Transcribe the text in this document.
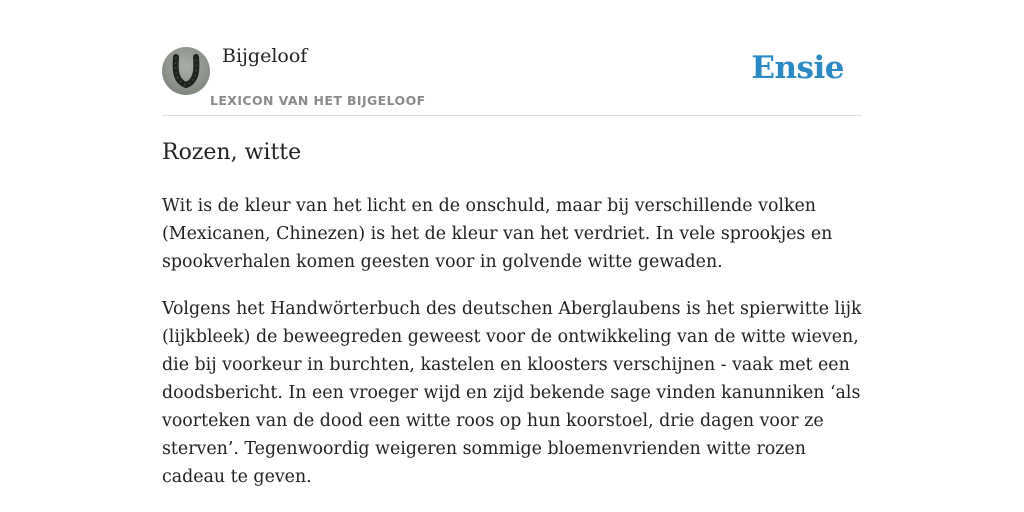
Bijgeloof
LEXICON VAN HET BIJGELOOF
Ensie
Rozen, witte

Wit is de kleur van het licht en de onschuld, maar bij verschillende volken (Mexicanen, Chinezen) is het de kleur van het verdriet. In vele sprookjes en spookverhalen komen geesten voor in golvende witte gewaden.

Volgens het Handwörterbuch des deutschen Aberglaubens is het spierwitte lijk (lijkbleek) de beweegreden geweest voor de ontwikkeling van de witte wieven, die bij voorkeur in burchten, kastelen en kloosters verschijnen - vaak met een doodsbericht. In een vroeger wijd en zijd bekende sage vinden kanunniken ‘als voorteken van de dood een witte roos op hun koorstoel, drie dagen voor ze sterven’. Tegenwoordig weigeren sommige bloemenvrienden witte rozen cadeau te geven.
